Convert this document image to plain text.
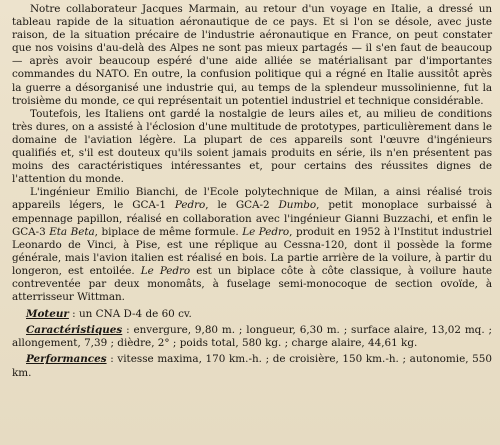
Notre collaborateur Jacques Marmain, au retour d'un voyage en Italie, a dressé un tableau rapide de la situation aéronautique de ce pays. Et si l'on se désole, avec juste raison, de la situation précaire de l'industrie aéronautique en France, on peut constater que nos voisins d'au-delà des Alpes ne sont pas mieux partagés — il s'en faut de beaucoup — après avoir beaucoup espéré d'une aide alliée se matérialisant par d'importantes commandes du NATO. En outre, la confusion politique qui a régné en Italie aussitôt après la guerre a désorganisé une industrie qui, au temps de la splendeur mussolinienne, fut la troisième du monde, ce qui représentait un potentiel industriel et technique considérable.

Toutefois, les Italiens ont gardé la nostalgie de leurs ailes et, au milieu de conditions très dures, on a assisté à l'éclosion d'une multitude de prototypes, particulièrement dans le domaine de l'aviation légère. La plupart de ces appareils sont l'œuvre d'ingénieurs qualifiés et, s'il est douteux qu'ils soient jamais produits en série, ils n'en présentent pas moins des caractéristiques intéressantes et, pour certains des réussites dignes de l'attention du monde.

L'ingénieur Emilio Bianchi, de l'Ecole polytechnique de Milan, a ainsi réalisé trois appareils légers, le GCA-1 Pedro, le GCA-2 Dumbo, petit monoplace surbaissé à empennage papillon, réalisé en collaboration avec l'ingénieur Gianni Buzzachi, et enfin le GCA-3 Eta Beta, biplace de même formule. Le Pedro, produit en 1952 à l'Institut industriel Leonardo de Vinci, à Pise, est une réplique au Cessna-120, dont il possède la forme générale, mais l'avion italien est réalisé en bois. La partie arrière de la voilure, à partir du longeron, est entoilée. Le Pedro est un biplace côte à côte classique, à voilure haute contreventée par deux monomâts, à fuselage semi-monocoque de section ovoïde, à atterrisseur Wittman.

Moteur : un CNA D-4 de 60 cv.

Caractéristiques : envergure, 9,80 m. ; longueur, 6,30 m. ; surface alaire, 13,02 mq. ; allongement, 7,39 ; dièdre, 2° ; poids total, 580 kg. ; charge alaire, 44,61 kg.

Performances : vitesse maxima, 170 km.-h. ; de croisière, 150 km.-h. ; autonomie, 550 km.
